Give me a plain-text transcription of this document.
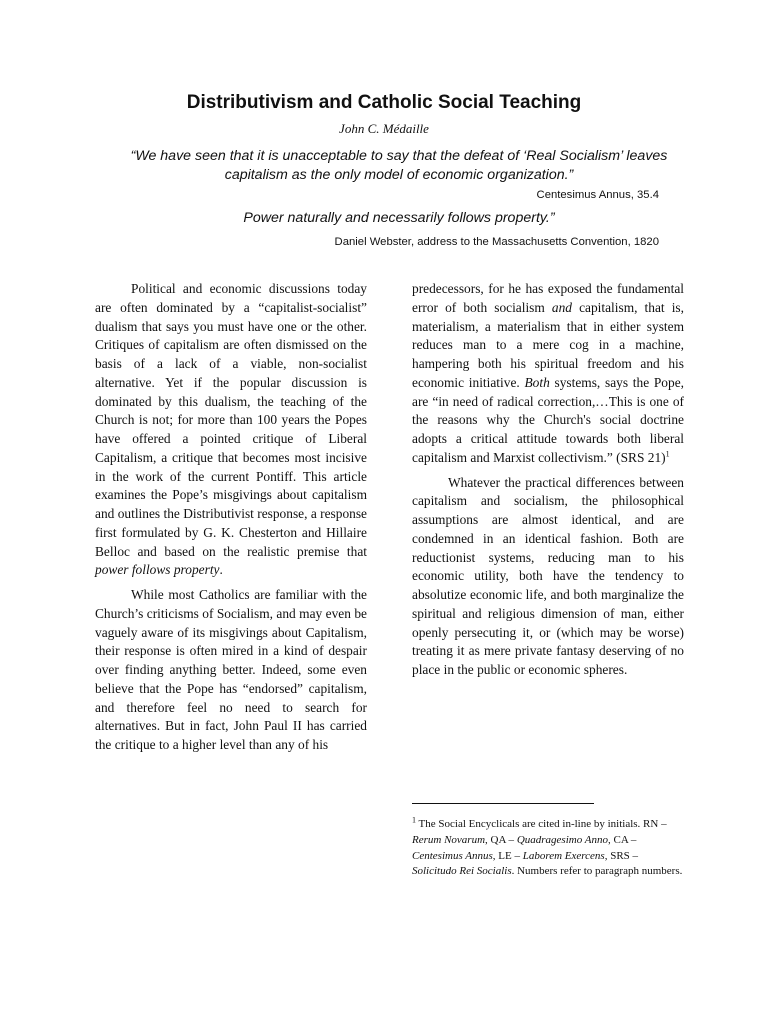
Distributivism and Catholic Social Teaching
John C. Médaille
“We have seen that it is unacceptable to say that the defeat of ‘Real Socialism’ leaves capitalism as the only model of economic organization.”
Centesimus Annus, 35.4
Power naturally and necessarily follows property.”
Daniel Webster, address to the Massachusetts Convention, 1820

Political and economic discussions today are often dominated by a “capitalist-socialist” dualism that says you must have one or the other. Critiques of capitalism are often dismissed on the basis of a lack of a viable, non-socialist alternative. Yet if the popular discussion is dominated by this dualism, the teaching of the Church is not; for more than 100 years the Popes have offered a pointed critique of Liberal Capitalism, a critique that becomes most incisive in the work of the current Pontiff. This article examines the Pope’s misgivings about capitalism and outlines the Distributivist response, a response first formulated by G. K. Chesterton and Hillaire Belloc and based on the realistic premise that power follows property.

While most Catholics are familiar with the Church’s criticisms of Socialism, and may even be vaguely aware of its misgivings about Capitalism, their response is often mired in a kind of despair over finding anything better. Indeed, some even believe that the Pope has “endorsed” capitalism, and therefore feel no need to search for alternatives. But in fact, John Paul II has carried the critique to a higher level than any of his

predecessors, for he has exposed the fundamental error of both socialism and capitalism, that is, materialism, a materialism that in either system reduces man to a mere cog in a machine, hampering both his spiritual freedom and his economic initiative. Both systems, says the Pope, are “in need of radical correction,…This is one of the reasons why the Church's social doctrine adopts a critical attitude towards both liberal capitalism and Marxist collectivism.” (SRS 21)$^1$

Whatever the practical differences between capitalism and socialism, the philosophical assumptions are almost identical, and are condemned in an identical fashion. Both are reductionist systems, reducing man to his economic utility, both have the tendency to absolutize economic life, and both marginalize the spiritual and religious dimension of man, either openly persecuting it, or (which may be worse) treating it as mere private fantasy deserving of no place in the public or economic spheres.

$^1$ The Social Encyclicals are cited in-line by initials. RN – Rerum Novarum, QA – Quadragesimo Anno, CA – Centesimus Annus, LE – Laborem Exercens, SRS – Solicitudo Rei Socialis. Numbers refer to paragraph numbers.
